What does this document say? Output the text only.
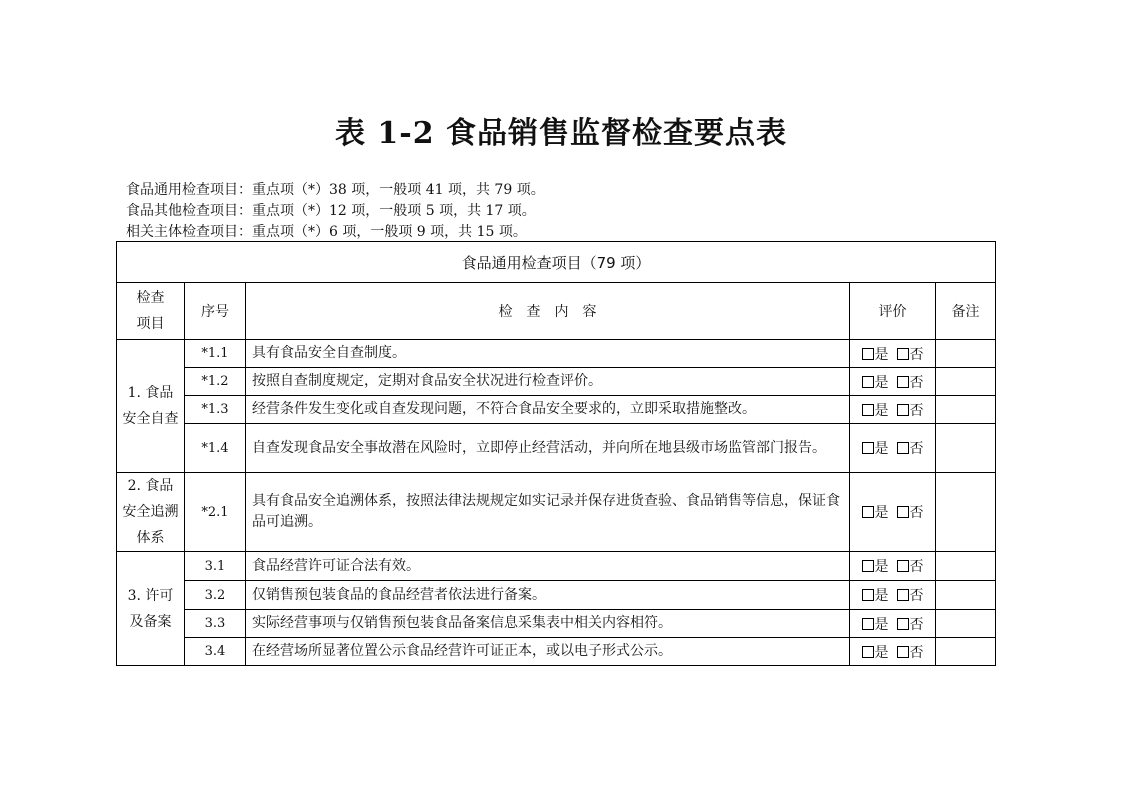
表 1-2 食品销售监督检查要点表
食品通用检查项目：重点项（*）38 项，一般项 41 项，共 79 项。
食品其他检查项目：重点项（*）12 项，一般项 5 项，共 17 项。
相关主体检查项目：重点项（*）6 项，一般项 9 项，共 15 项。
食品通用检查项目（79 项）				

检查项目	序号	检　查　内　容	评价	备注

1. 食品安全自查	*1.1	具有食品安全自查制度。	是 否	
	*1.2	按照自查制度规定，定期对食品安全状况进行检查评价。	是 否	
	*1.3	经营条件发生变化或自查发现问题，不符合食品安全要求的，立即采取措施整改。	是 否	
	*1.4	自查发现食品安全事故潜在风险时，立即停止经营活动，并向所在地县级市场监管部门报告。	是 否	

2. 食品安全追溯体系	*2.1	具有食品安全追溯体系，按照法律法规规定如实记录并保存进货查验、食品销售等信息，保证食品可追溯。	是 否	

3. 许可及备案	3.1	食品经营许可证合法有效。	是 否	
	3.2	仅销售预包装食品的食品经营者依法进行备案。	是 否	
	3.3	实际经营事项与仅销售预包装食品备案信息采集表中相关内容相符。	是 否	
	3.4	在经营场所显著位置公示食品经营许可证正本，或以电子形式公示。	是 否	
